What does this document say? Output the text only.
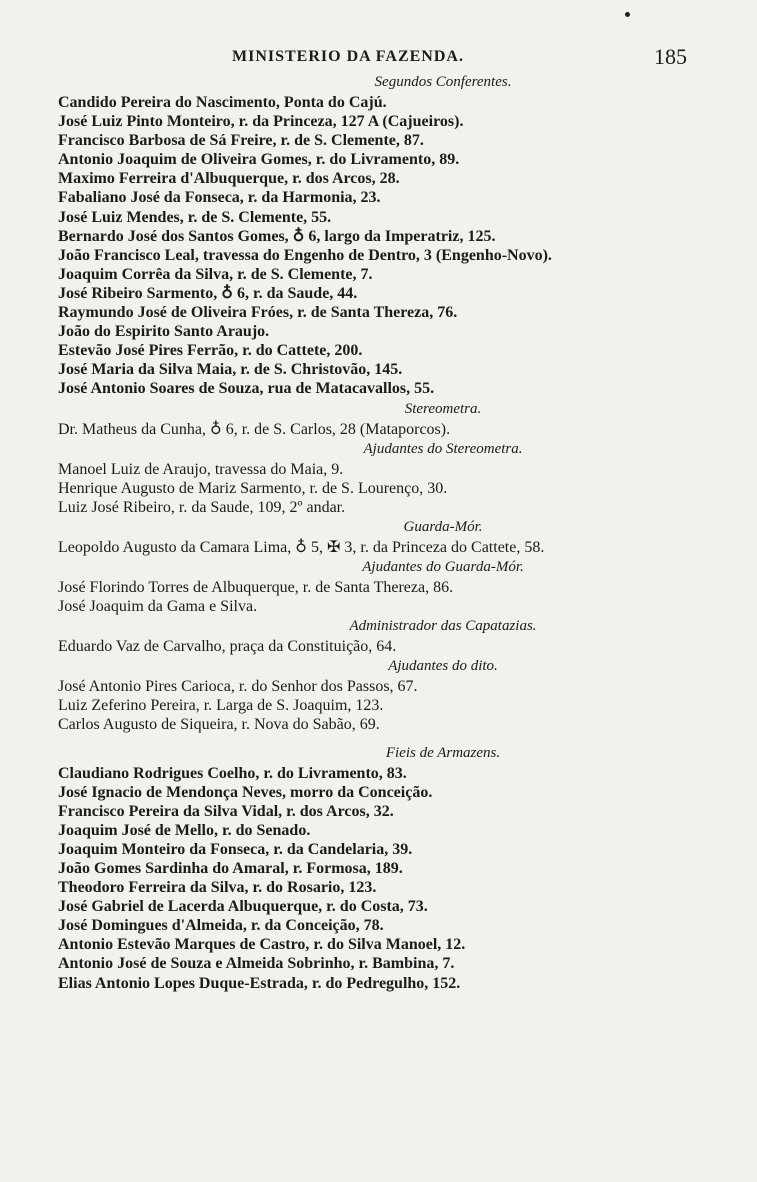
MINISTERIO DA FAZENDA.	185
Segundos Conferentes.
Candido Pereira do Nascimento, Ponta do Cajú.
José Luiz Pinto Monteiro, r. da Princeza, 127 A (Cajueiros).
Francisco Barbosa de Sá Freire, r. de S. Clemente, 87.
Antonio Joaquim de Oliveira Gomes, r. do Livramento, 89.
Maximo Ferreira d'Albuquerque, r. dos Arcos, 28.
Fabaliano José da Fonseca, r. da Harmonia, 23.
José Luiz Mendes, r. de S. Clemente, 55.
Bernardo José dos Santos Gomes, ♁ 6, largo da Imperatriz, 125.
João Francisco Leal, travessa do Engenho de Dentro, 3 (Engenho-Novo).
Joaquim Corrêa da Silva, r. de S. Clemente, 7.
José Ribeiro Sarmento, ♁ 6, r. da Saude, 44.
Raymundo José de Oliveira Fróes, r. de Santa Thereza, 76.
João do Espirito Santo Araujo.
Estevão José Pires Ferrão, r. do Cattete, 200.
José Maria da Silva Maia, r. de S. Christovão, 145.
José Antonio Soares de Souza, rua de Matacavallos, 55.
Stereometra.
Dr. Matheus da Cunha, ♁ 6, r. de S. Carlos, 28 (Mataporcos).
Ajudantes do Stereometra.
Manoel Luiz de Araujo, travessa do Maia, 9.
Henrique Augusto de Mariz Sarmento, r. de S. Lourenço, 30.
Luiz José Ribeiro, r. da Saude, 109, 2º andar.
Guarda-Mór.
Leopoldo Augusto da Camara Lima, ♁ 5, ✠ 3, r. da Princeza do Cattete, 58.
Ajudantes do Guarda-Mór.
José Florindo Torres de Albuquerque, r. de Santa Thereza, 86.
José Joaquim da Gama e Silva.
Administrador das Capatazias.
Eduardo Vaz de Carvalho, praça da Constituição, 64.
Ajudantes do dito.
José Antonio Pires Carioca, r. do Senhor dos Passos, 67.
Luiz Zeferino Pereira, r. Larga de S. Joaquim, 123.
Carlos Augusto de Siqueira, r. Nova do Sabão, 69.
Fieis de Armazens.
Claudiano Rodrigues Coelho, r. do Livramento, 83.
José Ignacio de Mendonça Neves, morro da Conceição.
Francisco Pereira da Silva Vidal, r. dos Arcos, 32.
Joaquim José de Mello, r. do Senado.
Joaquim Monteiro da Fonseca, r. da Candelaria, 39.
João Gomes Sardinha do Amaral, r. Formosa, 189.
Theodoro Ferreira da Silva, r. do Rosario, 123.
José Gabriel de Lacerda Albuquerque, r. do Costa, 73.
José Domingues d'Almeida, r. da Conceição, 78.
Antonio Estevão Marques de Castro, r. do Silva Manoel, 12.
Antonio José de Souza e Almeida Sobrinho, r. Bambina, 7.
Elias Antonio Lopes Duque-Estrada, r. do Pedregulho, 152.
